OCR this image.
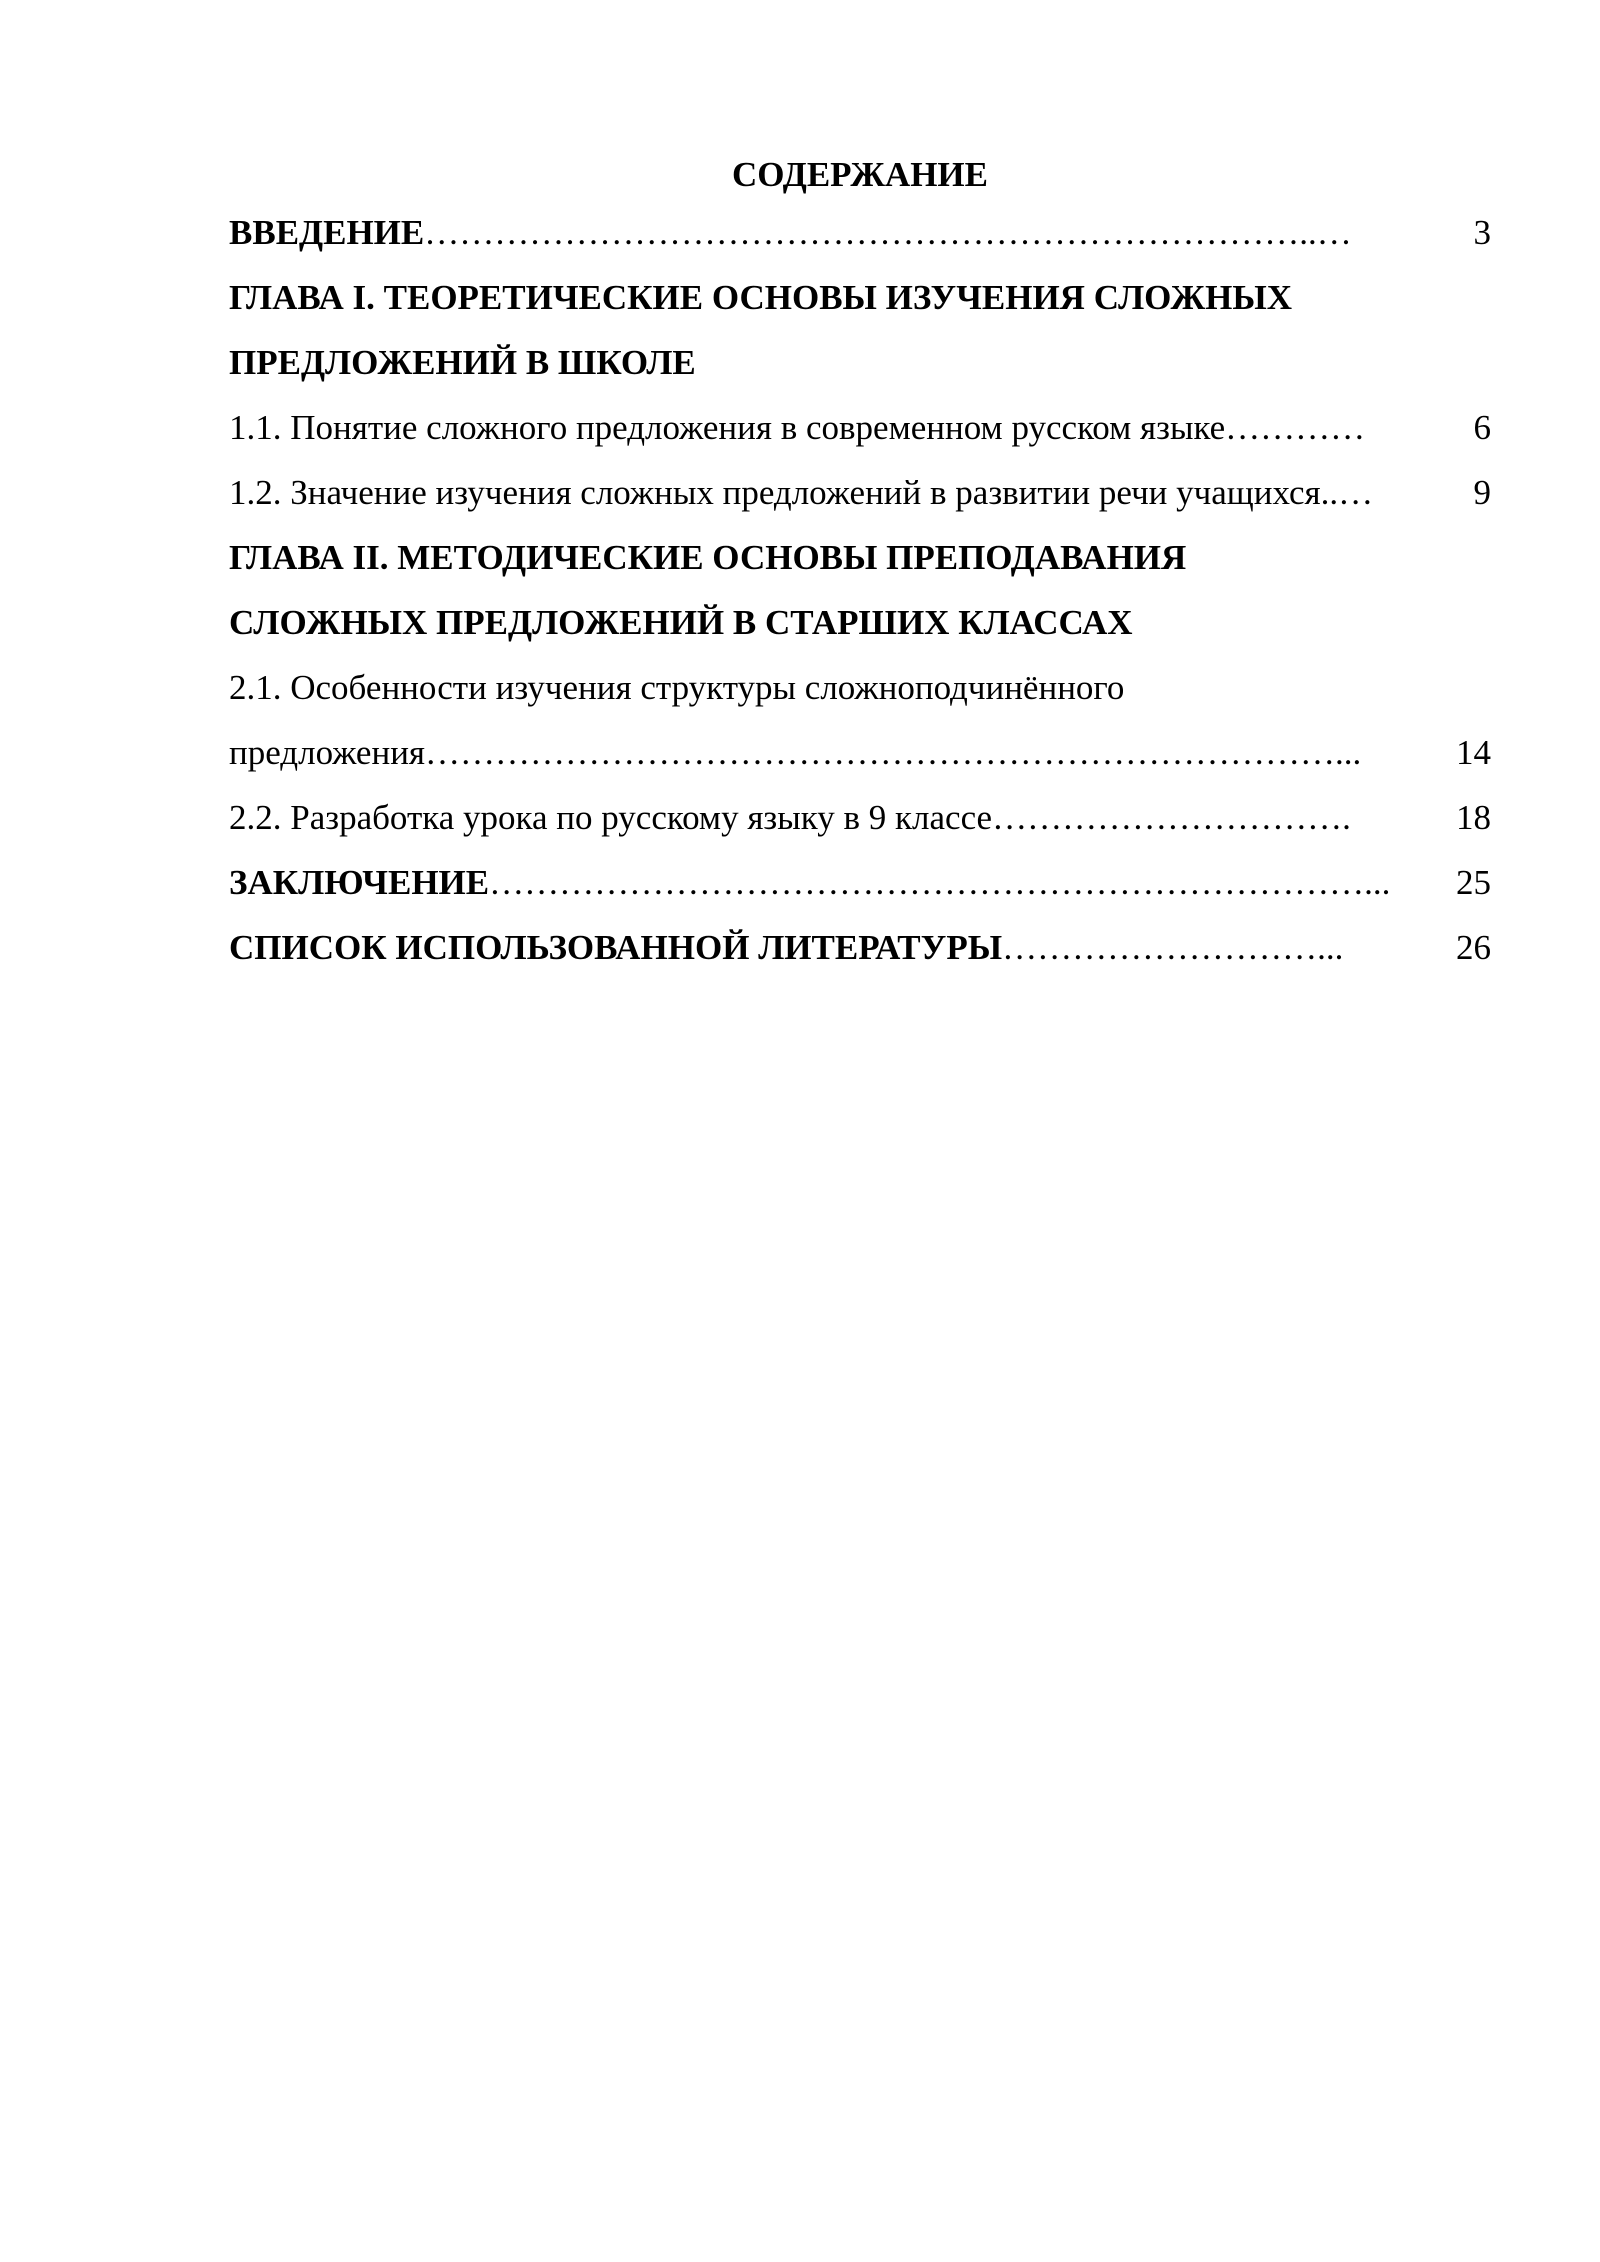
СОДЕРЖАНИЕ
ВВЕДЕНИЕ …………………………………………………………………..…	3
ГЛАВА I. ТЕОРЕТИЧЕСКИЕ ОСНОВЫ ИЗУЧЕНИЯ СЛОЖНЫХ
ПРЕДЛОЖЕНИЙ В ШКОЛЕ
1.1. Понятие сложного предложения в современном русском языке …………	6
1.2. Значение изучения сложных предложений в развитии речи учащихся.. …	9
ГЛАВА II. МЕТОДИЧЕСКИЕ ОСНОВЫ ПРЕПОДАВАНИЯ
СЛОЖНЫХ ПРЕДЛОЖЕНИЙ В СТАРШИХ КЛАССАХ
2.1. Особенности изучения структуры сложноподчинённого
предложения ……………………………………………………………………...	14
2.2. Разработка урока по русскому языку в 9 классе ………………………….	18
ЗАКЛЮЧЕНИЕ …………………………………………………………………...	25
СПИСОК ИСПОЛЬЗОВАННОЙ ЛИТЕРАТУРЫ ………………………...	26
